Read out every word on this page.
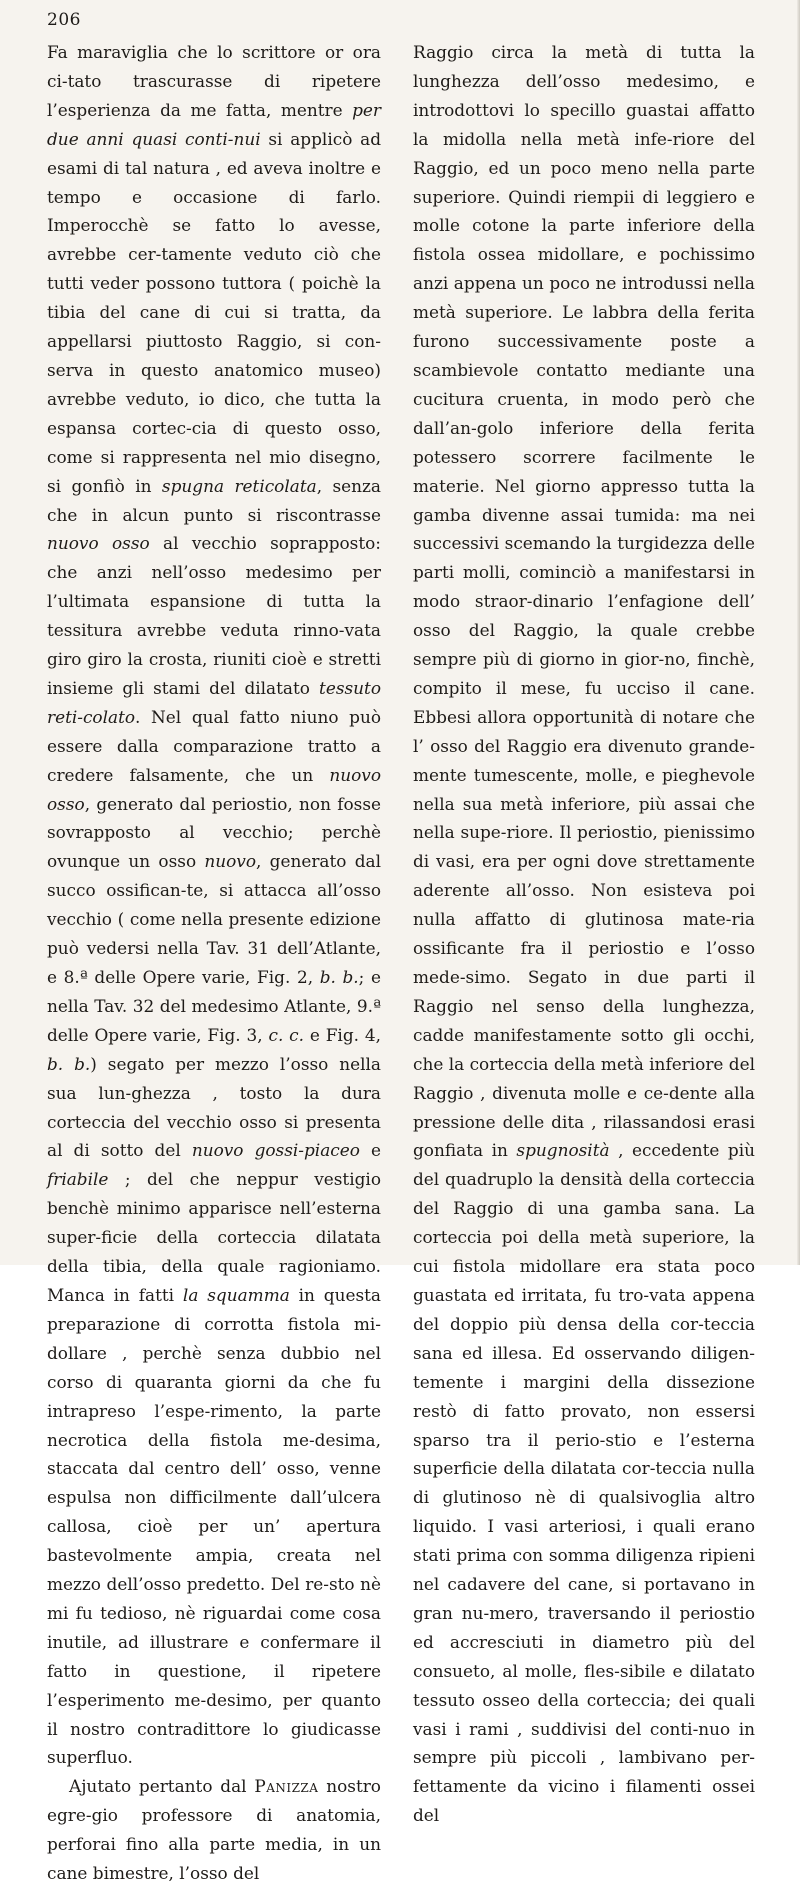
206

Fa maraviglia che lo scrittore or ora ci-tato trascurasse di ripetere l’esperienza da me fatta, mentre per due anni quasi conti-nui si applicò ad esami di tal natura , ed aveva inoltre e tempo e occasione di farlo. Imperocchè se fatto lo avesse, avrebbe cer-tamente veduto ciò che tutti veder possono tuttora ( poichè la tibia del cane di cui si tratta, da appellarsi piuttosto Raggio, si con-serva in questo anatomico museo) avrebbe veduto, io dico, che tutta la espansa cortec-cia di questo osso, come si rappresenta nel mio disegno, si gonfiò in spugna reticolata, senza che in alcun punto si riscontrasse nuovo osso al vecchio soprapposto: che anzi nell’osso medesimo per l’ultimata espansione di tutta la tessitura avrebbe veduta rinno-vata giro giro la crosta, riuniti cioè e stretti insieme gli stami del dilatato tessuto reti-colato. Nel qual fatto niuno può essere dalla comparazione tratto a credere falsamente, che un nuovo osso, generato dal periostio, non fosse sovrapposto al vecchio; perchè ovunque un osso nuovo, generato dal succo ossifican-te, si attacca all’osso vecchio ( come nella presente edizione può vedersi nella Tav. 31 dell’Atlante, e 8.ª delle Opere varie, Fig. 2, b. b.; e nella Tav. 32 del medesimo Atlante, 9.ª delle Opere varie, Fig. 3, c. c. e Fig. 4, b. b.) segato per mezzo l’osso nella sua lun-ghezza , tosto la dura corteccia del vecchio osso si presenta al di sotto del nuovo gossi-piaceo e friabile ; del che neppur vestigio benchè minimo apparisce nell’esterna super-ficie della corteccia dilatata della tibia, della quale ragioniamo. Manca in fatti la squamma in questa preparazione di corrotta fistola mi-dollare , perchè senza dubbio nel corso di quaranta giorni da che fu intrapreso l’espe-rimento, la parte necrotica della fistola me-desima, staccata dal centro dell’ osso, venne espulsa non difficilmente dall’ulcera callosa, cioè per un’ apertura bastevolmente ampia, creata nel mezzo dell’osso predetto. Del re-sto nè mi fu tedioso, nè riguardai come cosa inutile, ad illustrare e confermare il fatto in questione, il ripetere l’esperimento me-desimo, per quanto il nostro contradittore lo giudicasse superfluo.

Ajutato pertanto dal Panizza nostro egre-gio professore di anatomia, perforai fino alla parte media, in un cane bimestre, l’osso del

Raggio circa la metà di tutta la lunghezza dell’osso medesimo, e introdottovi lo specillo guastai affatto la midolla nella metà infe-riore del Raggio, ed un poco meno nella parte superiore. Quindi riempii di leggiero e molle cotone la parte inferiore della fistola ossea midollare, e pochissimo anzi appena un poco ne introdussi nella metà superiore. Le labbra della ferita furono successivamente poste a scambievole contatto mediante una cucitura cruenta, in modo però che dall’an-golo inferiore della ferita potessero scorrere facilmente le materie. Nel giorno appresso tutta la gamba divenne assai tumida: ma nei successivi scemando la turgidezza delle parti molli, cominciò a manifestarsi in modo straor-dinario l’enfagione dell’ osso del Raggio, la quale crebbe sempre più di giorno in gior-no, finchè, compito il mese, fu ucciso il cane. Ebbesi allora opportunità di notare che l’ osso del Raggio era divenuto grande-mente tumescente, molle, e pieghevole nella sua metà inferiore, più assai che nella supe-riore. Il periostio, pienissimo di vasi, era per ogni dove strettamente aderente all’osso. Non esisteva poi nulla affatto di glutinosa mate-ria ossificante fra il periostio e l’osso mede-simo. Segato in due parti il Raggio nel senso della lunghezza, cadde manifestamente sotto gli occhi, che la corteccia della metà inferiore del Raggio , divenuta molle e ce-dente alla pressione delle dita , rilassandosi erasi gonfiata in spugnosità , eccedente più del quadruplo la densità della corteccia del Raggio di una gamba sana. La corteccia poi della metà superiore, la cui fistola midollare era stata poco guastata ed irritata, fu tro-vata appena del doppio più densa della cor-teccia sana ed illesa. Ed osservando diligen-temente i margini della dissezione restò di fatto provato, non essersi sparso tra il perio-stio e l’esterna superficie della dilatata cor-teccia nulla di glutinoso nè di qualsivoglia altro liquido. I vasi arteriosi, i quali erano stati prima con somma diligenza ripieni nel cadavere del cane, si portavano in gran nu-mero, traversando il periostio ed accresciuti in diametro più del consueto, al molle, fles-sibile e dilatato tessuto osseo della corteccia; dei quali vasi i rami , suddivisi del conti-nuo in sempre più piccoli , lambivano per-fettamente da vicino i filamenti ossei del
